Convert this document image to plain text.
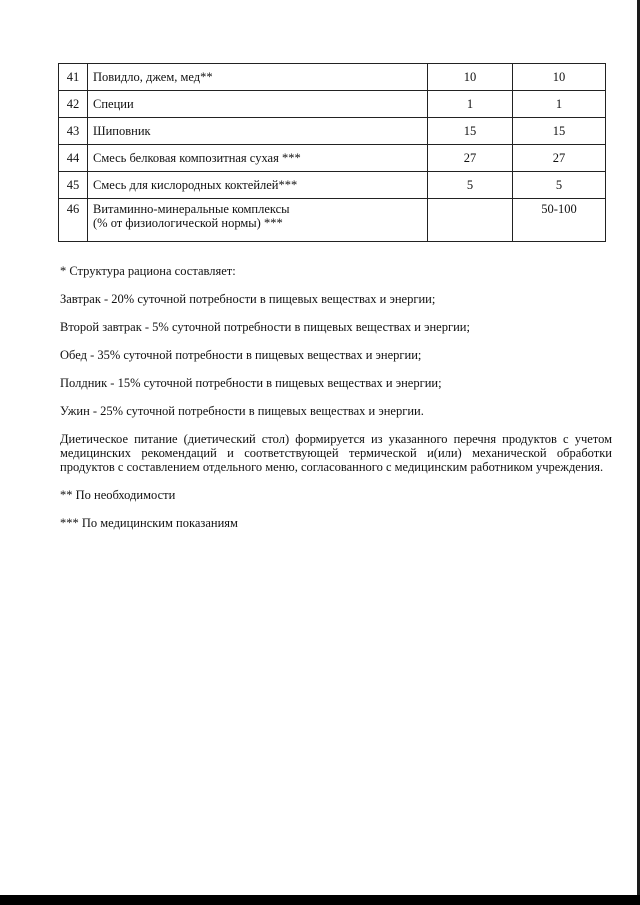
41	Повидло, джем, мед**	10	10
42	Специи	1	1
43	Шиповник	15	15
44	Смесь белковая композитная сухая ***	27	27
45	Смесь для кислородных коктейлей***	5	5
46	Витаминно-минеральные комплексы
(% от физиологической нормы) ***		50-100

* Структура рациона составляет:

Завтрак - 20% суточной потребности в пищевых веществах и энергии;

Второй завтрак - 5% суточной потребности в пищевых веществах и энергии;

Обед - 35% суточной потребности в пищевых веществах и энергии;

Полдник - 15% суточной потребности в пищевых веществах и энергии;

Ужин - 25% суточной потребности в пищевых веществах и энергии.

Диетическое питание (диетический стол) формируется из указанного перечня продуктов с учетом медицинских рекомендаций и соответствующей термической и(или) механической обработки продуктов с составлением отдельного меню, согласованного с медицинским работником учреждения.

** По необходимости

*** По медицинским показаниям
